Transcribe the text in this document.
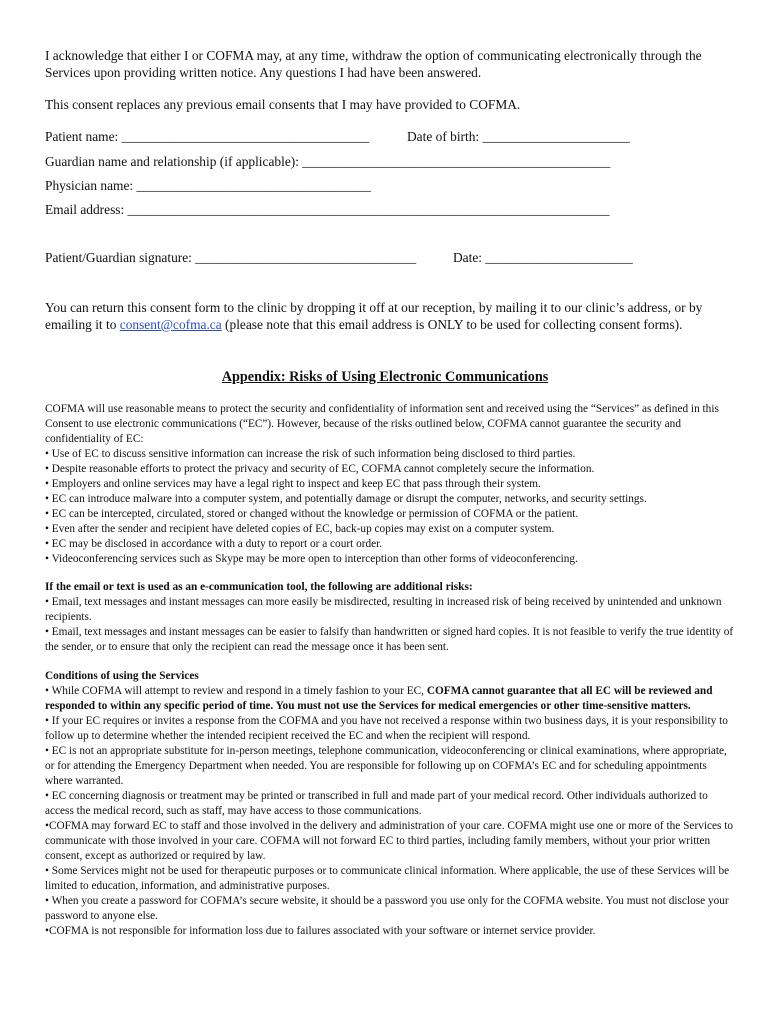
I acknowledge that either I or COFMA may, at any time, withdraw the option of communicating electronically through the Services upon providing written notice. Any questions I had have been answered.

This consent replaces any previous email consents that I may have provided to COFMA.

Patient name: _____________________________________	Date of birth: ______________________
Guardian name and relationship (if applicable): ______________________________________________
Physician name: ___________________________________
Email address: ________________________________________________________________________
Patient/Guardian signature: _________________________________	Date: ______________________

You can return this consent form to the clinic by dropping it off at our reception, by mailing it to our clinic’s address, or by emailing it to consent@cofma.ca (please note that this email address is ONLY to be used for collecting consent forms).

Appendix: Risks of Using Electronic Communications
COFMA will use reasonable means to protect the security and confidentiality of information sent and received using the “Services” as defined in this Consent to use electronic communications (“EC”). However, because of the risks outlined below, COFMA cannot guarantee the security and confidentiality of EC:
• Use of EC to discuss sensitive information can increase the risk of such information being disclosed to third parties.
• Despite reasonable efforts to protect the privacy and security of EC, COFMA cannot completely secure the information.
• Employers and online services may have a legal right to inspect and keep EC that pass through their system.
• EC can introduce malware into a computer system, and potentially damage or disrupt the computer, networks, and security settings.
• EC can be intercepted, circulated, stored or changed without the knowledge or permission of COFMA or the patient.
• Even after the sender and recipient have deleted copies of EC, back-up copies may exist on a computer system.
• EC may be disclosed in accordance with a duty to report or a court order.
• Videoconferencing services such as Skype may be more open to interception than other forms of videoconferencing.
If the email or text is used as an e-communication tool, the following are additional risks:
• Email, text messages and instant messages can more easily be misdirected, resulting in increased risk of being received by unintended and unknown recipients.
• Email, text messages and instant messages can be easier to falsify than handwritten or signed hard copies. It is not feasible to verify the true identity of the sender, or to ensure that only the recipient can read the message once it has been sent.
Conditions of using the Services
• While COFMA will attempt to review and respond in a timely fashion to your EC, COFMA cannot guarantee that all EC will be reviewed and responded to within any specific period of time. You must not use the Services for medical emergencies or other time-sensitive matters.
• If your EC requires or invites a response from the COFMA and you have not received a response within two business days, it is your responsibility to follow up to determine whether the intended recipient received the EC and when the recipient will respond.
• EC is not an appropriate substitute for in-person meetings, telephone communication, videoconferencing or clinical examinations, where appropriate, or for attending the Emergency Department when needed. You are responsible for following up on COFMA’s EC and for scheduling appointments where warranted.
• EC concerning diagnosis or treatment may be printed or transcribed in full and made part of your medical record. Other individuals authorized to access the medical record, such as staff, may have access to those communications.
•COFMA may forward EC to staff and those involved in the delivery and administration of your care. COFMA might use one or more of the Services to communicate with those involved in your care. COFMA will not forward EC to third parties, including family members, without your prior written consent, except as authorized or required by law.
• Some Services might not be used for therapeutic purposes or to communicate clinical information. Where applicable, the use of these Services will be limited to education, information, and administrative purposes.
• When you create a password for COFMA’s secure website, it should be a password you use only for the COFMA website. You must not disclose your password to anyone else.
•COFMA is not responsible for information loss due to failures associated with your software or internet service provider.
